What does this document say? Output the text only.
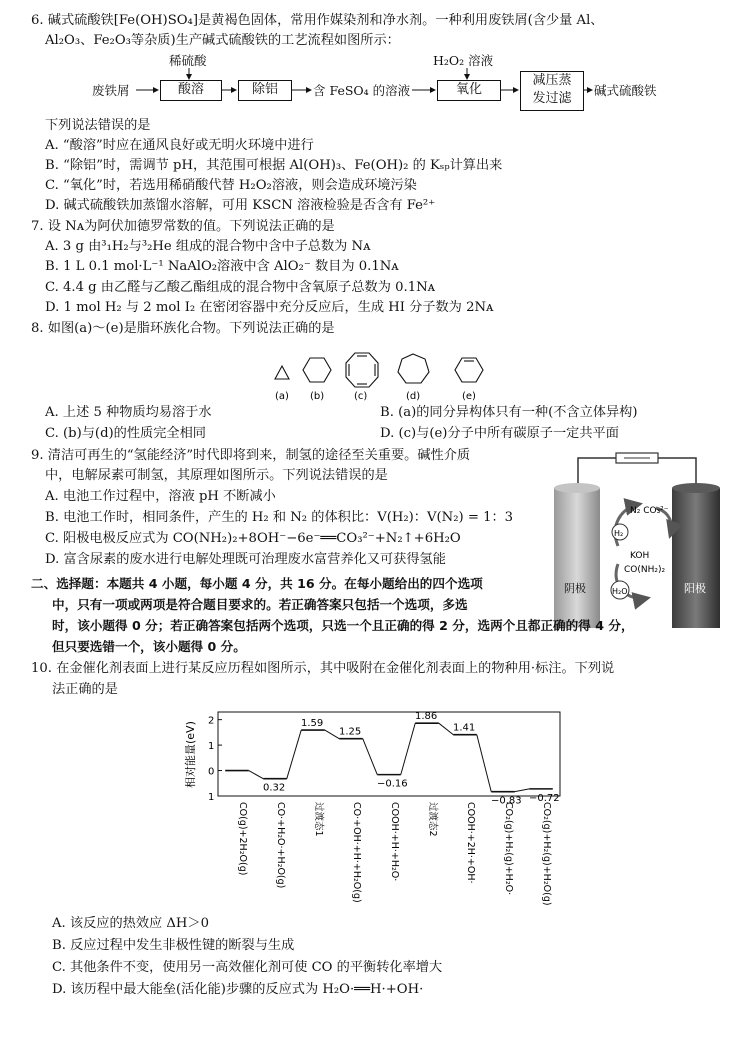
6. 碱式硫酸铁[Fe(OH)SO₄]是黄褐色固体，常用作媒染剂和净水剂。一种利用废铁屑(含少量 Al、
Al₂O₃、Fe₂O₃等杂质)生产碱式硫酸铁的工艺流程如图所示：
稀硫酸	H₂O₂ 溶液
废铁屑	酸溶	除铝	含 FeSO₄ 的溶液	氧化
减压蒸
发过滤
碱式硫酸铁
下列说法错误的是
A. “酸溶”时应在通风良好或无明火环境中进行
B. “除铝”时，需调节 pH，其范围可根据 Al(OH)₃、Fe(OH)₂ 的 Kₛₚ计算出来
C. “氧化”时，若选用稀硝酸代替 H₂O₂溶液，则会造成环境污染
D. 碱式硫酸铁加蒸馏水溶解，可用 KSCN 溶液检验是否含有 Fe²⁺
7. 设 Nᴀ为阿伏加德罗常数的值。下列说法正确的是
A. 3 g 由³₁H₂与³₂He 组成的混合物中含中子总数为 Nᴀ
B. 1 L 0.1 mol·L⁻¹ NaAlO₂溶液中含 AlO₂⁻ 数目为 0.1Nᴀ
C. 4.4 g 由乙醛与乙酸乙酯组成的混合物中含氧原子总数为 0.1Nᴀ
D. 1 mol H₂ 与 2 mol I₂ 在密闭容器中充分反应后，生成 HI 分子数为 2Nᴀ
8. 如图(a)～(e)是脂环族化合物。下列说法正确的是
(a) (b)	(c)	(d)	(e)
A. 上述 5 种物质均易溶于水	B. (a)的同分异构体只有一种(不含立体异构)
C. (b)与(d)的性质完全相同	D. (c)与(e)分子中所有碳原子一定共平面
9. 清洁可再生的“氢能经济”时代即将到来，制氢的途径至关重要。碱性介质
中，电解尿素可制氢，其原理如图所示。下列说法错误的是
A. 电池工作过程中，溶液 pH 不断减小
B. 电池工作时，相同条件，产生的 H₂ 和 N₂ 的体积比：V(H₂)：V(N₂) = 1：3
C. 阳极电极反应式为 CO(NH₂)₂+8OH⁻−6e⁻══CO₃²⁻+N₂↑+6H₂O
D. 富含尿素的废水进行电解处理既可治理废水富营养化又可获得氢能
H₂
H₂O
N₂ CO₃²⁻
KOH
CO(NH₂)₂
阴极	阳极
二、选择题：本题共 4 小题，每小题 4 分，共 16 分。在每小题给出的四个选项
中，只有一项或两项是符合题目要求的。若正确答案只包括一个选项，多选
时，该小题得 0 分；若正确答案包括两个选项，只选一个且正确的得 2 分，选两个且都正确的得 4 分，
但只要选错一个，该小题得 0 分。
10. 在金催化剂表面上进行某反应历程如图所示，其中吸附在金催化剂表面上的物种用·标注。下列说
法正确的是
相对能量(eV) 2
1
0
1
0.32
1.59
1.25
−0.16
1.86
1.41
−0.83 −0.72
CO(g)+2H₂O(g)	CO·+H₂O·+H₂O(g)	过渡态1	CO·+OH·+H·+H₂O(g)	COOH·+H·+H₂O·	过渡态2	COOH·+2H·+OH·	CO₂(g)+H₂(g)+H₂O·	CO₂(g)+H₂(g)+H₂O(g)
A. 该反应的热效应 ΔH＞0
B. 反应过程中发生非极性键的断裂与生成
C. 其他条件不变，使用另一高效催化剂可使 CO 的平衡转化率增大
D. 该历程中最大能垒(活化能)步骤的反应式为 H₂O·══H·+OH·
